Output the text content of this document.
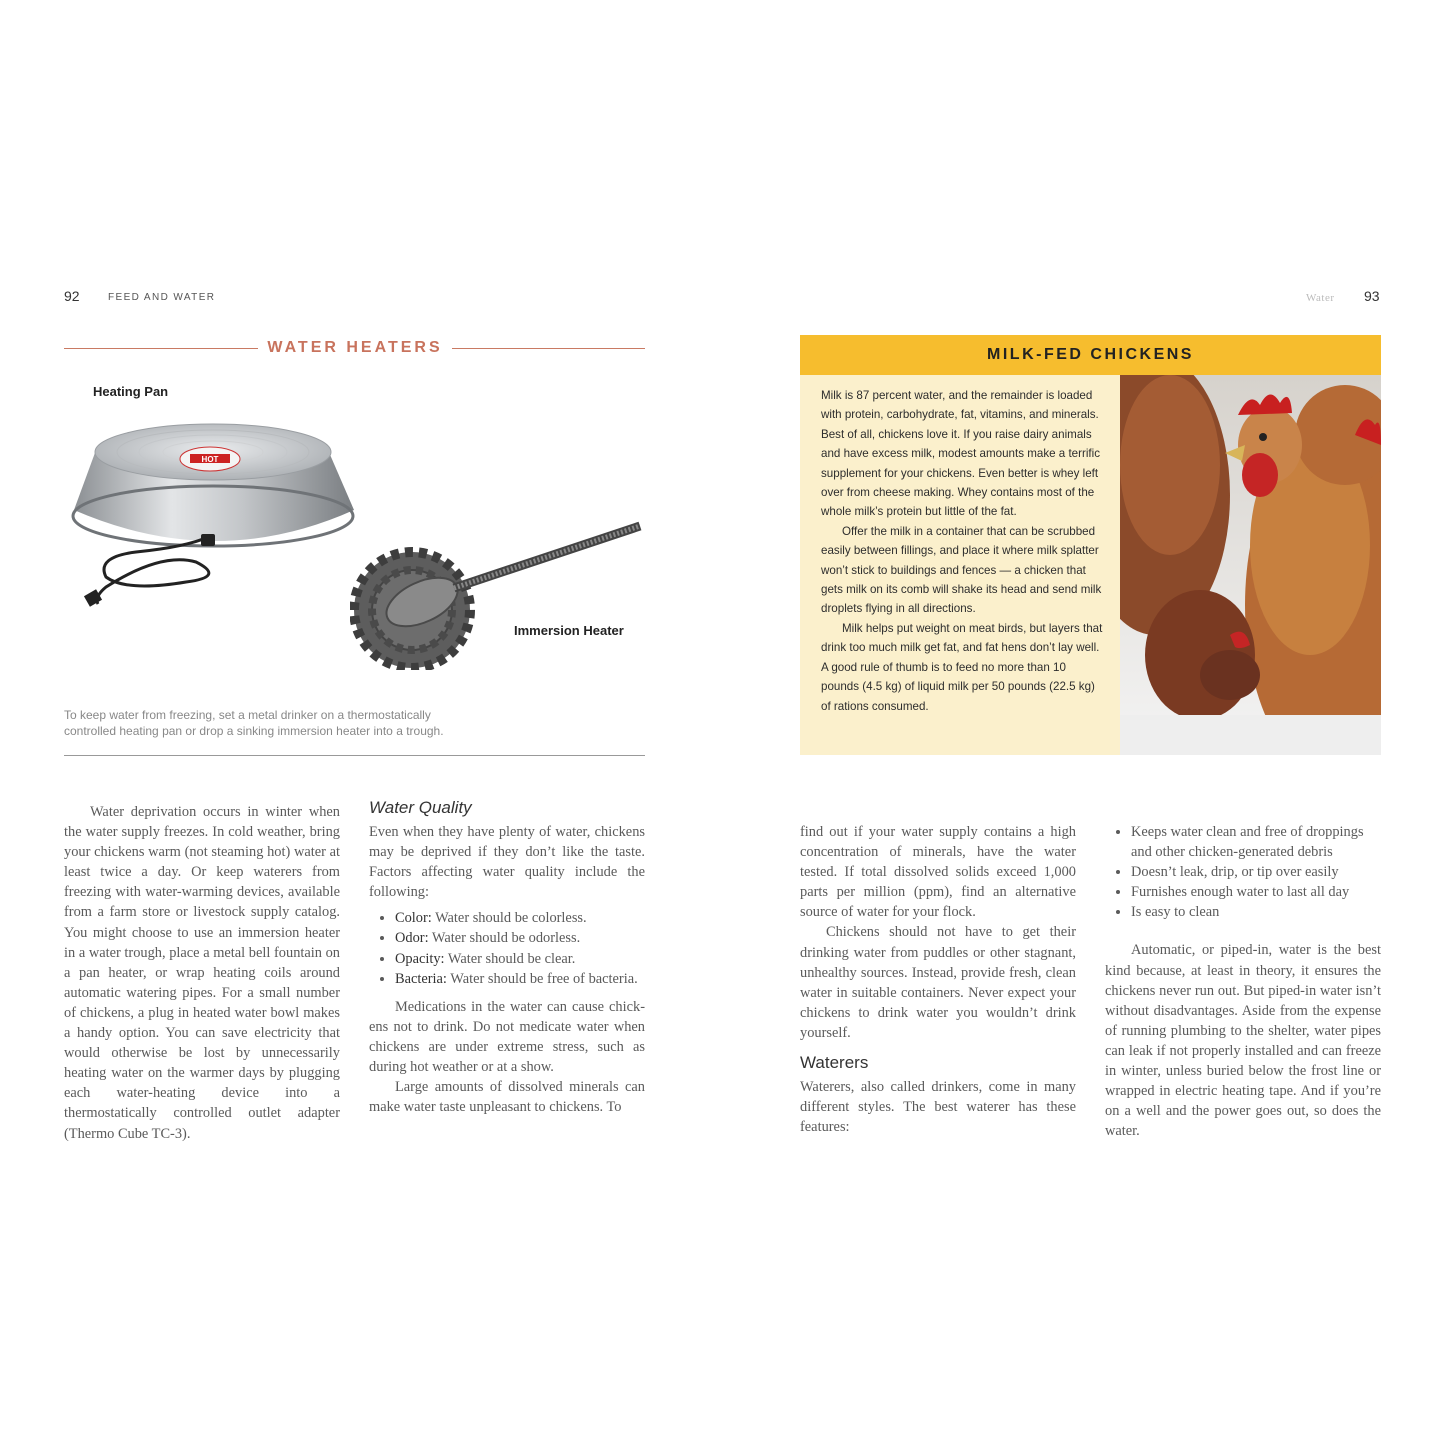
92	FEED AND WATER
WATER HEATERS
Heating Pan
HOT
Immersion Heater
To keep water from freezing, set a metal drinker on a thermostatically controlled heating pan or drop a sinking immersion heater into a trough.

Water deprivation occurs in winter when the water supply freezes. In cold weather, bring your chickens warm (not steaming hot) water at least twice a day. Or keep waterers from freezing with water-warming devices, available from a farm store or livestock supply catalog. You might choose to use an immersion heater in a water trough, place a metal bell fountain on a pan heater, or wrap heating coils around automatic watering pipes. For a small number of chickens, a plug in heated water bowl makes a handy option. You can save electricity that would otherwise be lost by unnecessarily heating water on the warmer days by plugging each water-heating device into a thermostatically controlled outlet adapter (Thermo Cube TC-3).

Water Quality

Even when they have plenty of water, chickens may be deprived if they don’t like the taste. Factors affecting water quality include the following:

• Color: Water should be colorless.
• Odor: Water should be odorless.
• Opacity: Water should be clear.
• Bacteria: Water should be free of bacteria.

Medications in the water can cause chickens not to drink. Do not medicate water when chickens are under extreme stress, such as during hot weather or at a show.

Large amounts of dissolved minerals can make water taste unpleasant to chickens. To

Water 93
MILK-FED CHICKENS

Milk is 87 percent water, and the remainder is loaded with protein, carbohydrate, fat, vitamins, and minerals. Best of all, chickens love it. If you raise dairy animals and have excess milk, modest amounts make a terrific supplement for your chickens. Even better is whey left over from cheese making. Whey contains most of the whole milk’s protein but little of the fat.

Offer the milk in a container that can be scrubbed easily between fillings, and place it where milk splatter won’t stick to buildings and fences — a chicken that gets milk on its comb will shake its head and send milk droplets flying in all directions.

Milk helps put weight on meat birds, but layers that drink too much milk get fat, and fat hens don’t lay well. A good rule of thumb is to feed no more than 10 pounds (4.5 kg) of liquid milk per 50 pounds (22.5 kg) of rations consumed.

find out if your water supply contains a high concentration of minerals, have the water tested. If total dissolved solids exceed 1,000 parts per million (ppm), find an alternative source of water for your flock.

Chickens should not have to get their drinking water from puddles or other stagnant, unhealthy sources. Instead, provide fresh, clean water in suitable containers. Never expect your chickens to drink water you wouldn’t drink yourself.

Waterers

Waterers, also called drinkers, come in many different styles. The best waterer has these features:

• Keeps water clean and free of droppings and other chicken-generated debris
• Doesn’t leak, drip, or tip over easily
• Furnishes enough water to last all day
• Is easy to clean

Automatic, or piped-in, water is the best kind because, at least in theory, it ensures the chickens never run out. But piped-in water isn’t without disadvantages. Aside from the expense of running plumbing to the shelter, water pipes can leak if not properly installed and can freeze in winter, unless buried below the frost line or wrapped in electric heating tape. And if you’re on a well and the power goes out, so does the water.
